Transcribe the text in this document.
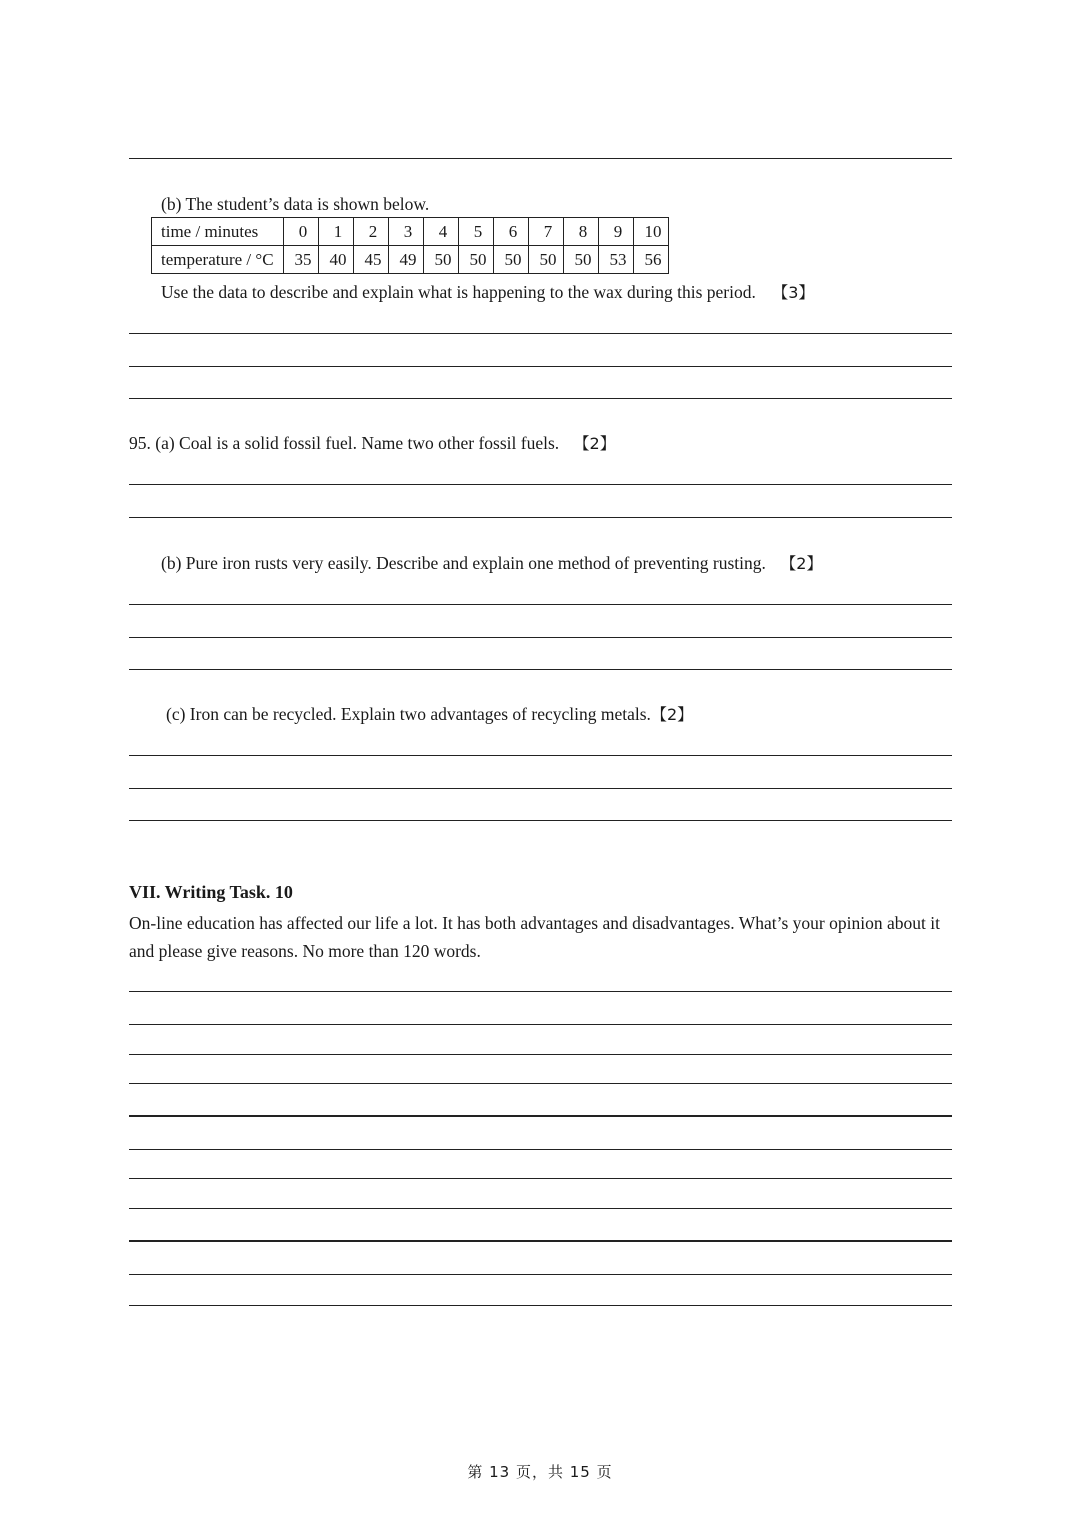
(b) The student’s data is shown below.
time / minutes	0	1	2	3	4	5	6	7	8	9	10
temperature / °C	35	40	45	49	50	50	50	50	50	53	56
Use the data to describe and explain what is happening to the wax during this period. 【3】
95. (a) Coal is a solid fossil fuel. Name two other fossil fuels. 【2】
(b) Pure iron rusts very easily. Describe and explain one method of preventing rusting. 【2】
(c) Iron can be recycled. Explain two advantages of recycling metals.【2】
VII. Writing Task. 10
On-line education has affected our life a lot. It has both advantages and disadvantages. What’s your opinion about it and please give reasons. No more than 120 words.
第 13 页，共 15 页
